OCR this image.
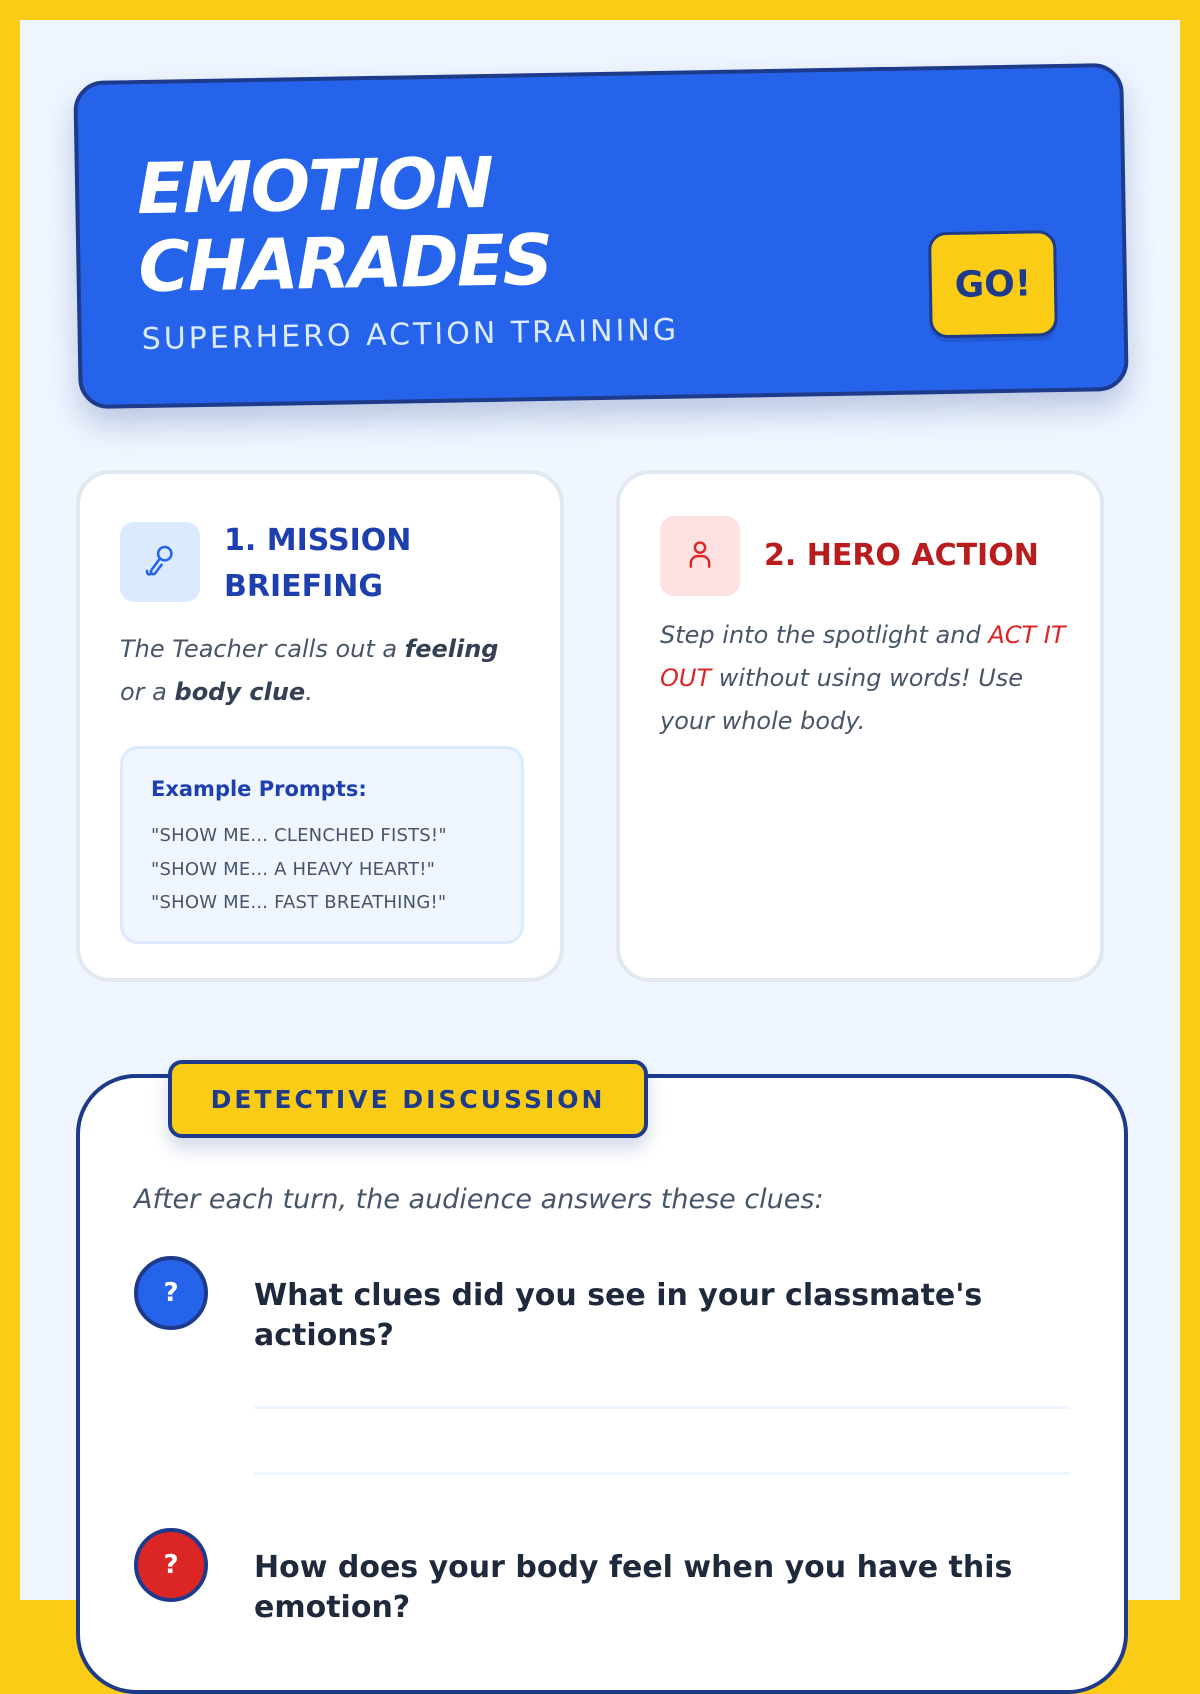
EMOTION CHARADES
SUPERHERO ACTION TRAINING
GO!
1. MISSION BRIEFING

The Teacher calls out a feeling or a body clue.

Example Prompts:
"SHOW ME... CLENCHED FISTS!"
"SHOW ME... A HEAVY HEART!"
"SHOW ME... FAST BREATHING!"
2. HERO ACTION

Step into the spotlight and ACT IT OUT without using words! Use your whole body.

DETECTIVE DISCUSSION
After each turn, the audience answers these clues:
?	What clues did you see in your classmate's actions?
?	How does your body feel when you have this emotion?
